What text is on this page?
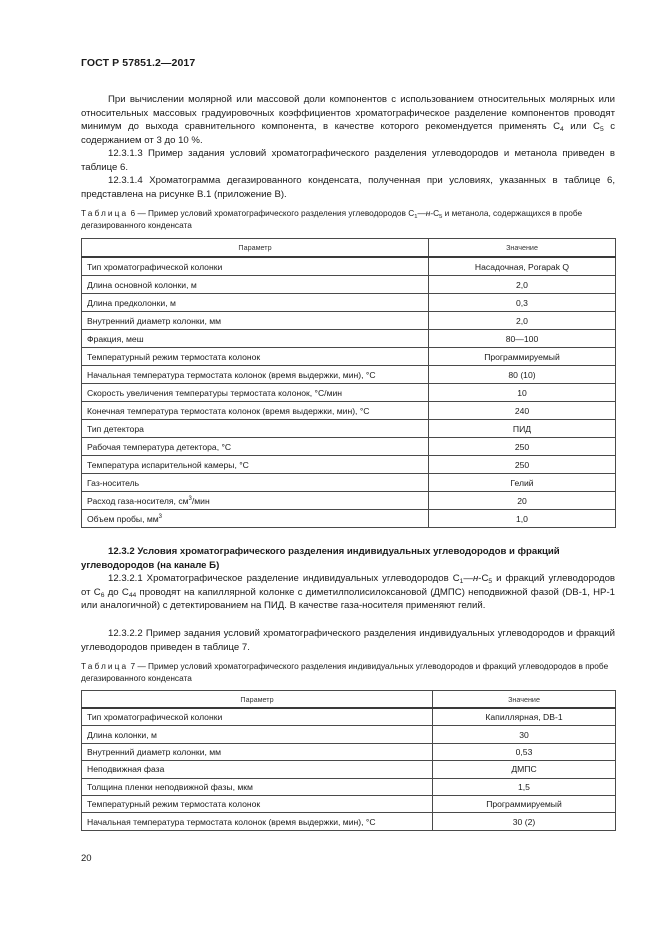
ГОСТ Р 57851.2—2017

При вычислении молярной или массовой доли компонентов с использованием относительных молярных или относительных массовых градуировочных коэффициентов хроматографическое разделение компонентов проводят минимум до выхода сравнительного компонента, в качестве которого рекомендуется применять $С_4$ или $С_5$ с содержанием от 3 до 10 %.

12.3.1.3 Пример задания условий хроматографического разделения углеводородов и метанола приведен в таблице 6.

12.3.1.4 Хроматограмма дегазированного конденсата, полученная при условиях, указанных в таблице 6, представлена на рисунке В.1 (приложение В).

Таблица 6 — Пример условий хроматографического разделения углеводородов $С_1—н-С_5$ и метанола, содержащихся в пробе дегазированного конденсата

Параметр	Значение
Тип хроматографической колонки	Насадочная, Porapak Q
Длина основной колонки, м	2,0
Длина предколонки, м	0,3
Внутренний диаметр колонки, мм	2,0
Фракция, меш	80—100
Температурный режим термостата колонок	Программируемый
Начальная температура термостата колонок (время выдержки, мин), °С	80 (10)
Скорость увеличения температуры термостата колонок, °С/мин	10
Конечная температура термостата колонок (время выдержки, мин), °С	240
Тип детектора	ПИД
Рабочая температура детектора, °С	250
Температура испарительной камеры, °С	250
Газ-носитель	Гелий
Расход газа-носителя, $см^3$/мин	20
Объем пробы, $мм^3$	1,0

12.3.2 Условия хроматографического разделения индивидуальных углеводородов и фракций углеводородов (на канале Б)

12.3.2.1 Хроматографическое разделение индивидуальных углеводородов $С_1—н-С_5$ и фракций углеводородов от $С_6$ до $С_{44}$ проводят на капиллярной колонке с диметилполисилоксановой (ДМПС) неподвижной фазой (DB-1, HP-1 или аналогичной) с детектированием на ПИД. В качестве газа-носителя применяют гелий.

12.3.2.2 Пример задания условий хроматографического разделения индивидуальных углеводородов и фракций углеводородов приведен в таблице 7.

Таблица 7 — Пример условий хроматографического разделения индивидуальных углеводородов и фракций углеводородов в пробе дегазированного конденсата

Параметр	Значение
Тип хроматографической колонки	Капиллярная, DB-1
Длина колонки, м	30
Внутренний диаметр колонки, мм	0,53
Неподвижная фаза	ДМПС
Толщина пленки неподвижной фазы, мкм	1,5
Температурный режим термостата колонок	Программируемый
Начальная температура термостата колонок (время выдержки, мин), °С	30 (2)
20
